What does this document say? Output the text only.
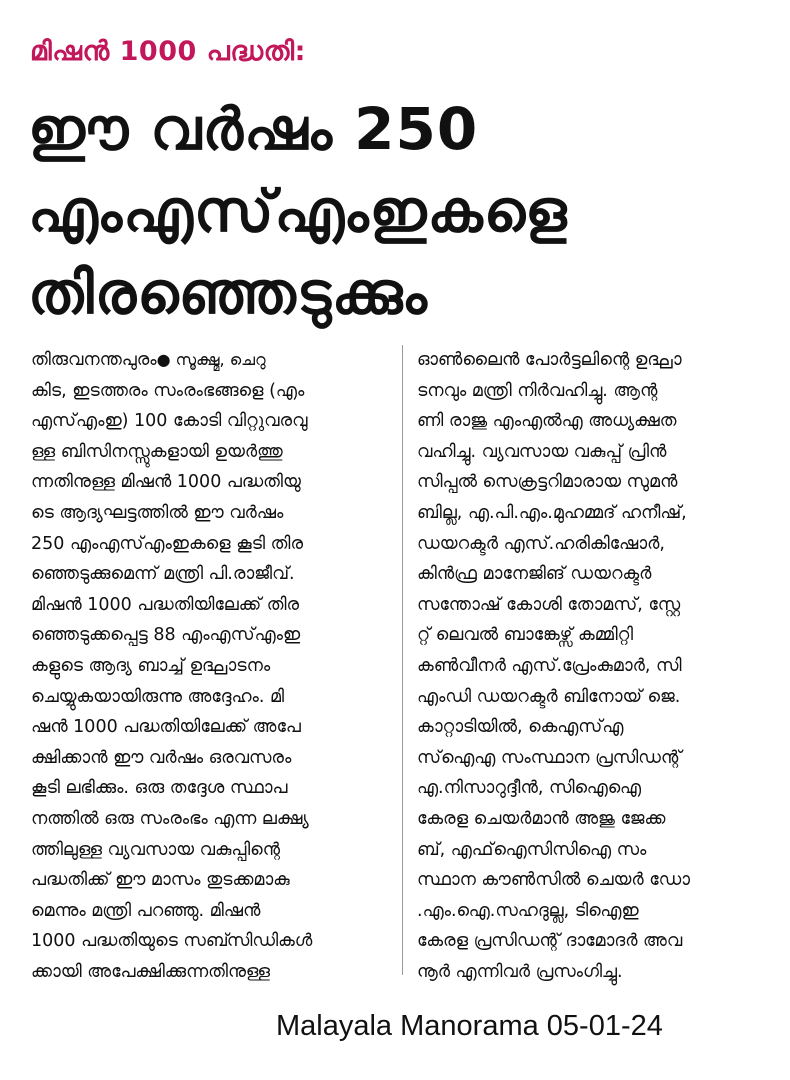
മിഷൻ 1000 പദ്ധതി:
ഈ വർഷം 250
എംഎസ്എംഇകളെ
തിരഞ്ഞെടുക്കും
തിരുവനന്തപുരം● സൂക്ഷ്മ, ചെറു
കിട, ഇടത്തരം സംരംഭങ്ങളെ (എം
എസ്എംഇ) 100 കോടി വിറ്റുവരവു
ള്ള ബിസിനസ്സുകളായി ഉയർത്തു
ന്നതിനുള്ള മിഷൻ 1000 പദ്ധതിയു
ടെ ആദ്യഘട്ടത്തിൽ ഈ വർഷം
250 എംഎസ്എംഇകളെ കൂടി തിര
ഞ്ഞെടുക്കുമെന്ന് മന്ത്രി പി.രാജീവ്.
മിഷൻ 1000 പദ്ധതിയിലേക്ക് തിര
ഞ്ഞെടുക്കപ്പെട്ട 88 എംഎസ്എംഇ
കളുടെ ആദ്യ ബാച്ച് ഉദ്ഘാടനം
ചെയ്യുകയായിരുന്നു അദ്ദേഹം. മി
ഷൻ 1000 പദ്ധതിയിലേക്ക് അപേ
ക്ഷിക്കാൻ ഈ വർഷം ഒരവസരം
കൂടി ലഭിക്കും. ഒരു തദ്ദേശ സ്ഥാപ
നത്തിൽ ഒരു സംരംഭം എന്ന ലക്ഷ്യ
ത്തിലുള്ള വ്യവസായ വകുപ്പിന്റെ
പദ്ധതിക്ക് ഈ മാസം തുടക്കമാകു
മെന്നും മന്ത്രി പറഞ്ഞു. മിഷൻ
1000 പദ്ധതിയുടെ സബ്സിഡികൾ
ക്കായി അപേക്ഷിക്കുന്നതിനുള്ള
ഓൺലൈൻ പോർട്ടലിന്റെ ഉദ്ഘാ
ടനവും മന്ത്രി നിർവഹിച്ചു. ആന്റ
ണി രാജു എംഎൽഎ അധ്യക്ഷത
വഹിച്ചു. വ്യവസായ വകുപ്പ് പ്രിൻ
സിപ്പൽ സെക്രട്ടറിമാരായ സുമൻ
ബില്ല, എ.പി.എം.മുഹമ്മദ് ഹനീഷ്,
ഡയറക്ടർ എസ്.ഹരികിഷോർ,
കിൻഫ്ര മാനേജിങ് ഡയറക്ടർ
സന്തോഷ് കോശി തോമസ്, സ്റ്റേ
റ്റ് ലെവൽ ബാങ്കേഴ്സ് കമ്മിറ്റി
കൺവീനർ എസ്.പ്രേംകുമാർ, സി
എംഡി ഡയറക്ടർ ബിനോയ് ജെ.
കാറ്റാടിയിൽ, കെഎസ്എ
സ്ഐഎ സംസ്ഥാന പ്രസിഡന്റ്
എ.നിസാറുദ്ദീൻ, സിഐഐ
കേരള ചെയർമാൻ അജു ജേക്ക
ബ്, എഫ്ഐസിസിഐ സം
സ്ഥാന കൗൺസിൽ ചെയർ ഡോ
.എം.ഐ.സഹദുല്ല, ടിഐഇ
കേരള പ്രസിഡന്റ് ദാമോദർ അവ
നൂർ എന്നിവർ പ്രസംഗിച്ചു.
Malayala Manorama 05-01-24
